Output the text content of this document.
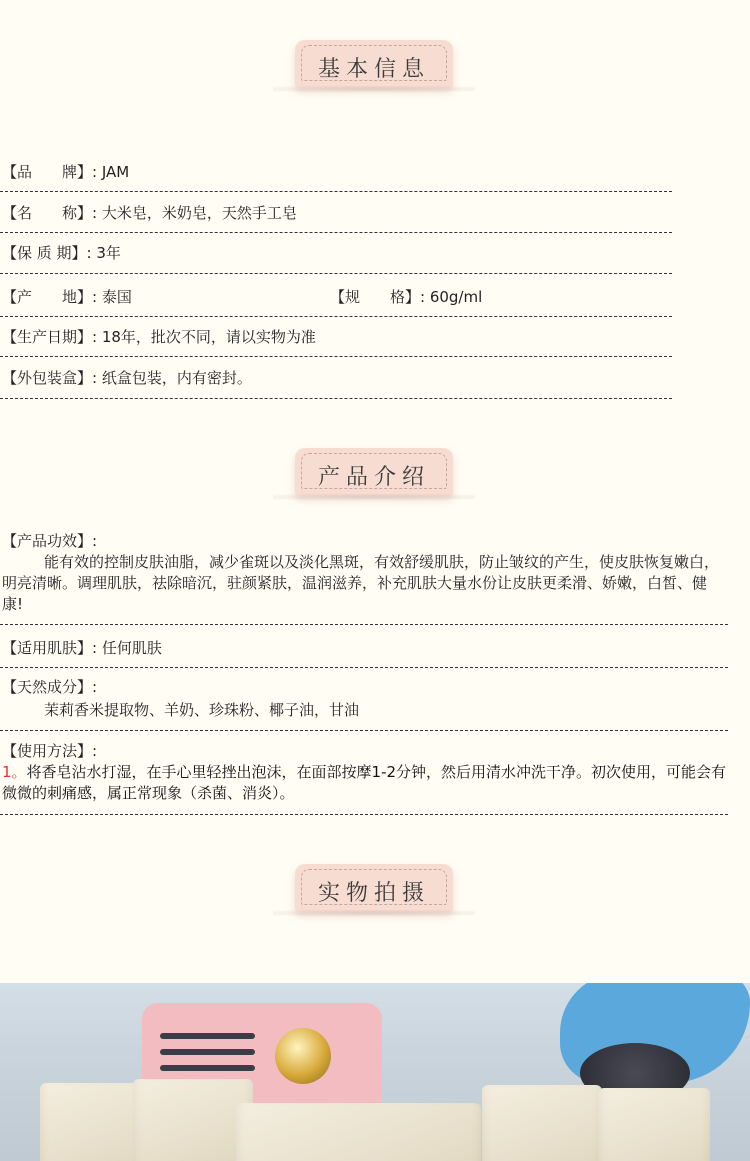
基本信息
【品　　牌】: JAM
【名　　称】: 大米皂，米奶皂，天然手工皂
【保 质 期】: 3年
【产　　地】: 泰国	【规　　格】: 60g/ml
【生产日期】: 18年，批次不同，请以实物为准
【外包装盒】: 纸盒包装，内有密封。
产品介绍

【产品功效】:

能有效的控制皮肤油脂，减少雀斑以及淡化黑斑，有效舒缓肌肤，防止皱纹的产生，使皮肤恢复嫩白，明亮清晰。调理肌肤，祛除暗沉，驻颜紧肤，温润滋养，补充肌肤大量水份让皮肤更柔滑、娇嫩，白皙、健康!

【适用肌肤】: 任何肌肤

【天然成分】:

茉莉香米提取物、羊奶、珍珠粉、椰子油，甘油

【使用方法】:

1。将香皂沾水打湿，在手心里轻挫出泡沫，在面部按摩1-2分钟，然后用清水冲洗干净。初次使用，可能会有微微的刺痛感，属正常现象（杀菌、消炎）。

实物拍摄
